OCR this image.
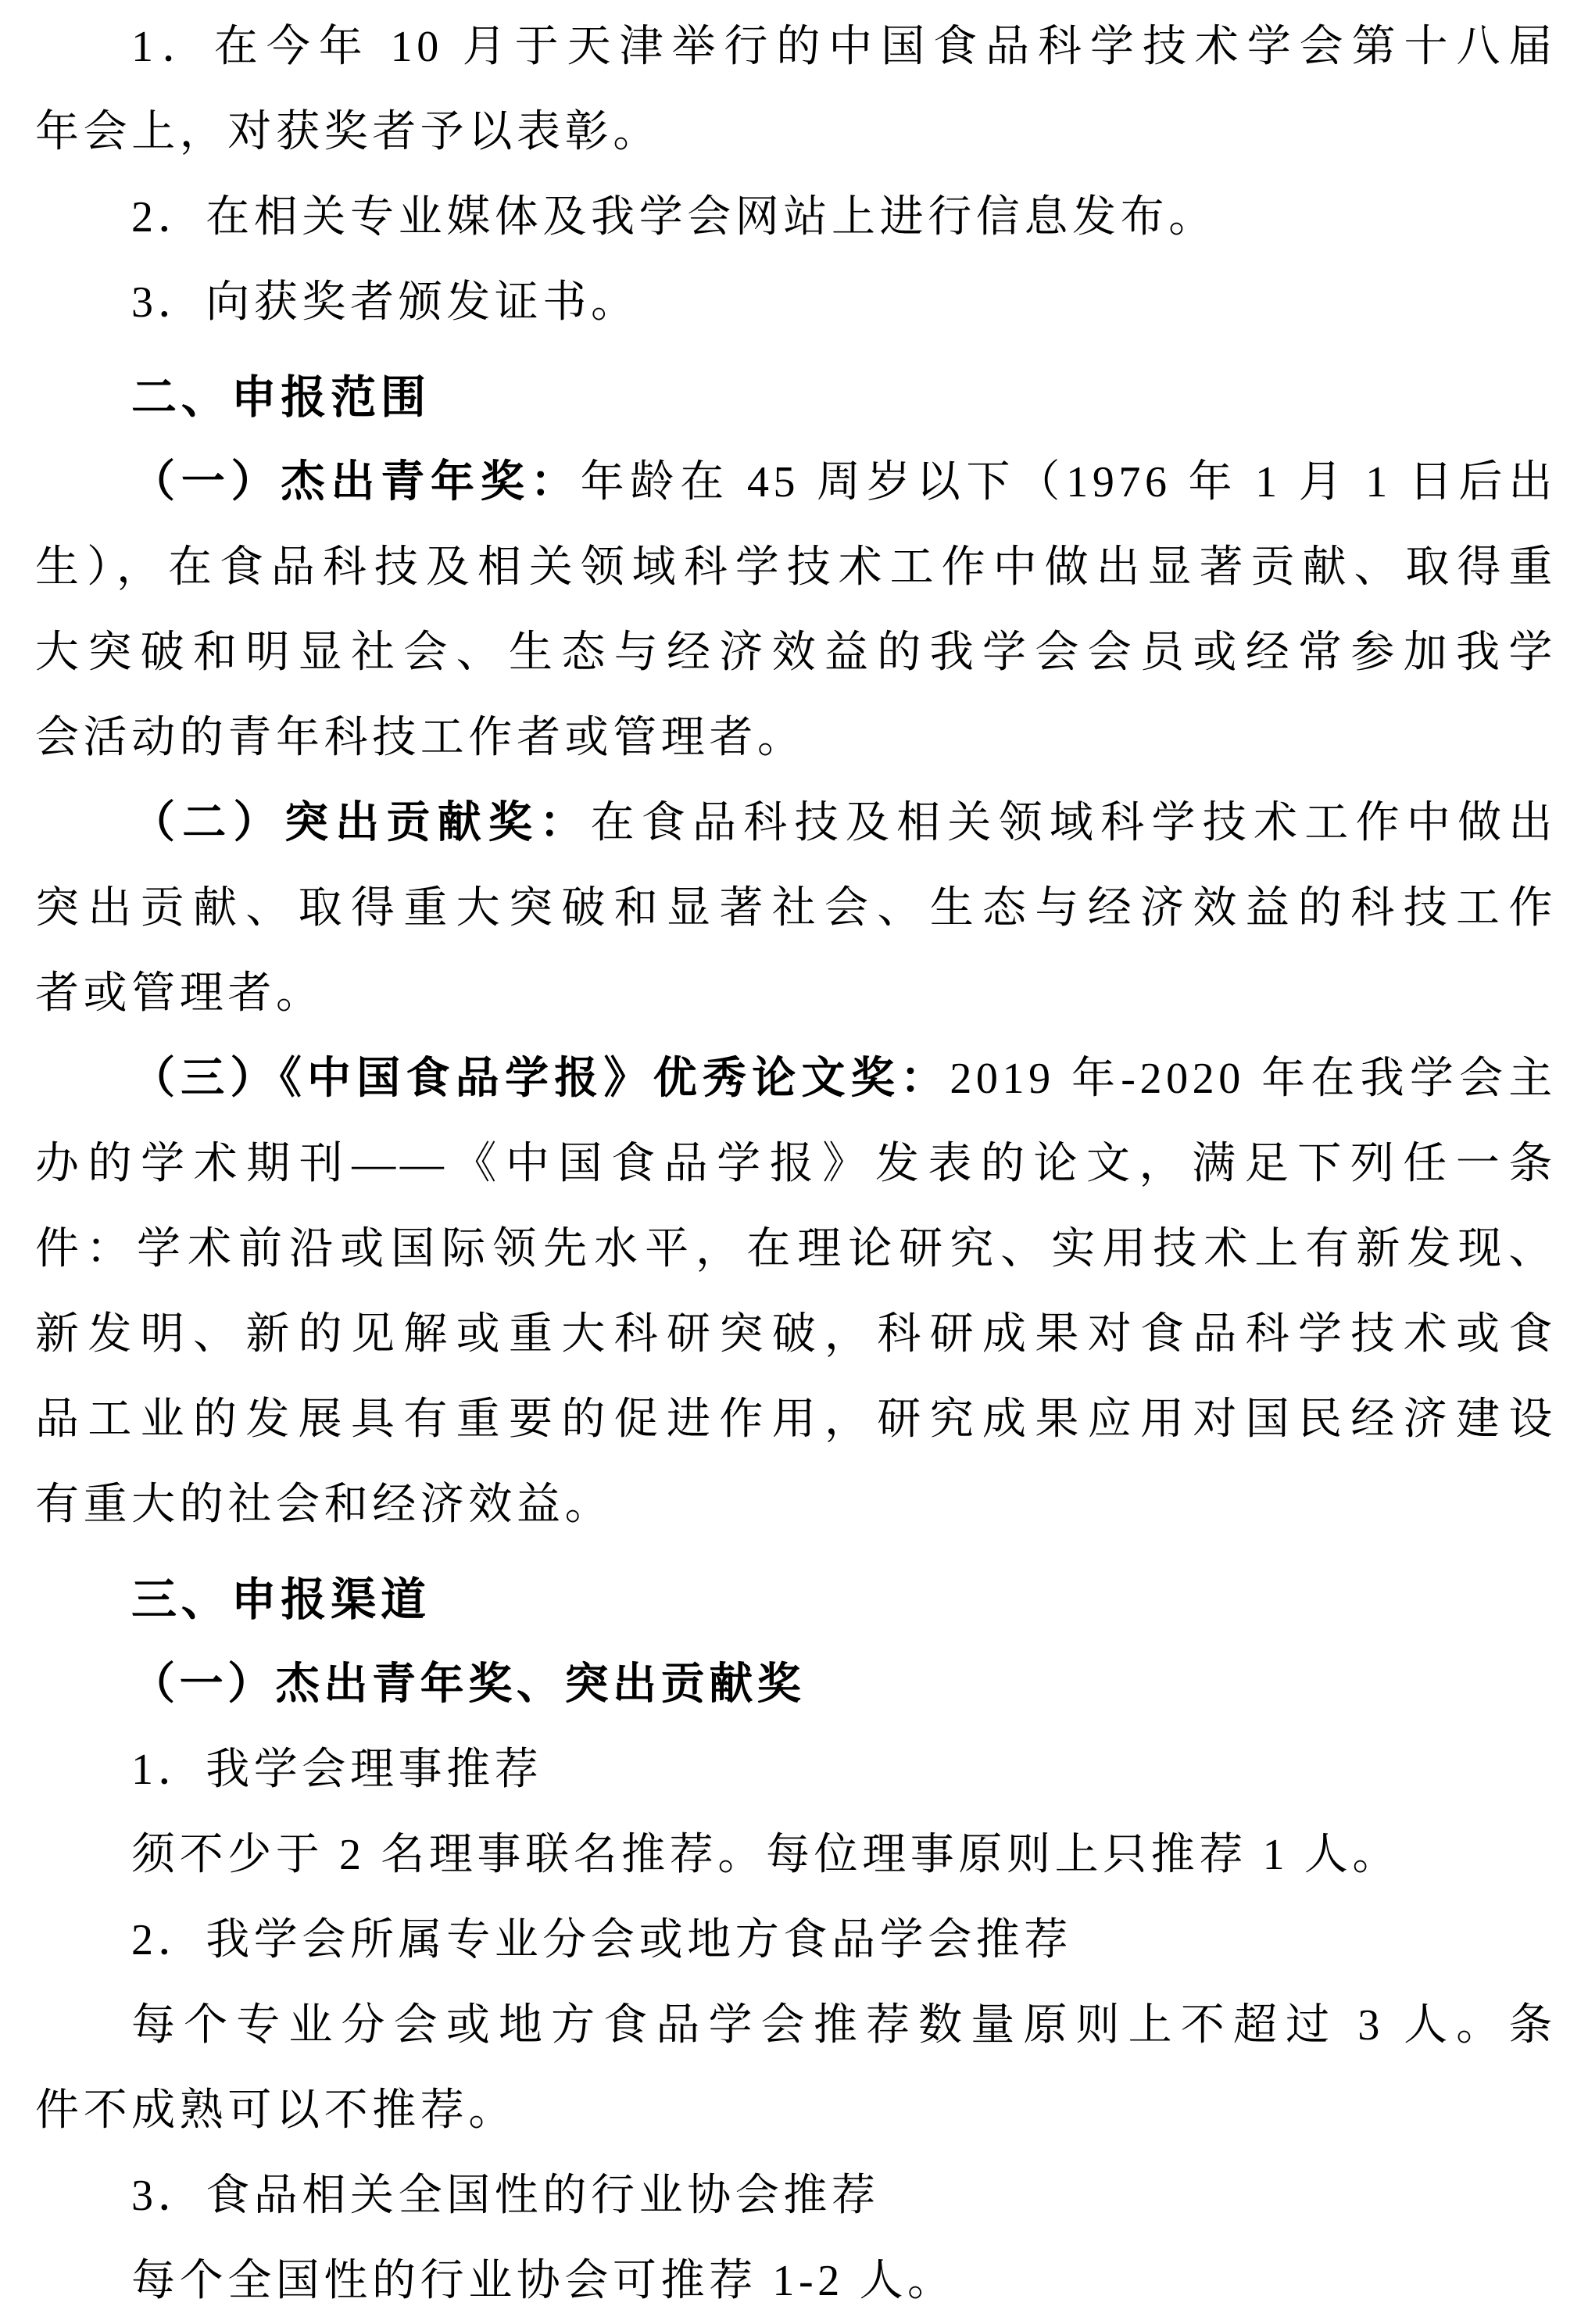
1．在今年 10 月于天津举行的中国食品科学技术学会第十八届
年会上，对获奖者予以表彰。
2．在相关专业媒体及我学会网站上进行信息发布。
3．向获奖者颁发证书。
二、申报范围
（一）杰出青年奖：年龄在 45 周岁以下（1976 年 1 月 1 日后出
生），在食品科技及相关领域科学技术工作中做出显著贡献、取得重
大突破和明显社会、生态与经济效益的我学会会员或经常参加我学
会活动的青年科技工作者或管理者。
（二）突出贡献奖：在食品科技及相关领域科学技术工作中做出
突出贡献、取得重大突破和显著社会、生态与经济效益的科技工作
者或管理者。
（三）《中国食品学报》优秀论文奖：2019 年-2020 年在我学会主
办的学术期刊——《中国食品学报》发表的论文，满足下列任一条
件：学术前沿或国际领先水平，在理论研究、实用技术上有新发现、
新发明、新的见解或重大科研突破，科研成果对食品科学技术或食
品工业的发展具有重要的促进作用，研究成果应用对国民经济建设
有重大的社会和经济效益。
三、申报渠道
（一）杰出青年奖、突出贡献奖
1．我学会理事推荐
须不少于 2 名理事联名推荐。每位理事原则上只推荐 1 人。
2．我学会所属专业分会或地方食品学会推荐
每个专业分会或地方食品学会推荐数量原则上不超过 3 人。条
件不成熟可以不推荐。
3．食品相关全国性的行业协会推荐
每个全国性的行业协会可推荐 1-2 人。
